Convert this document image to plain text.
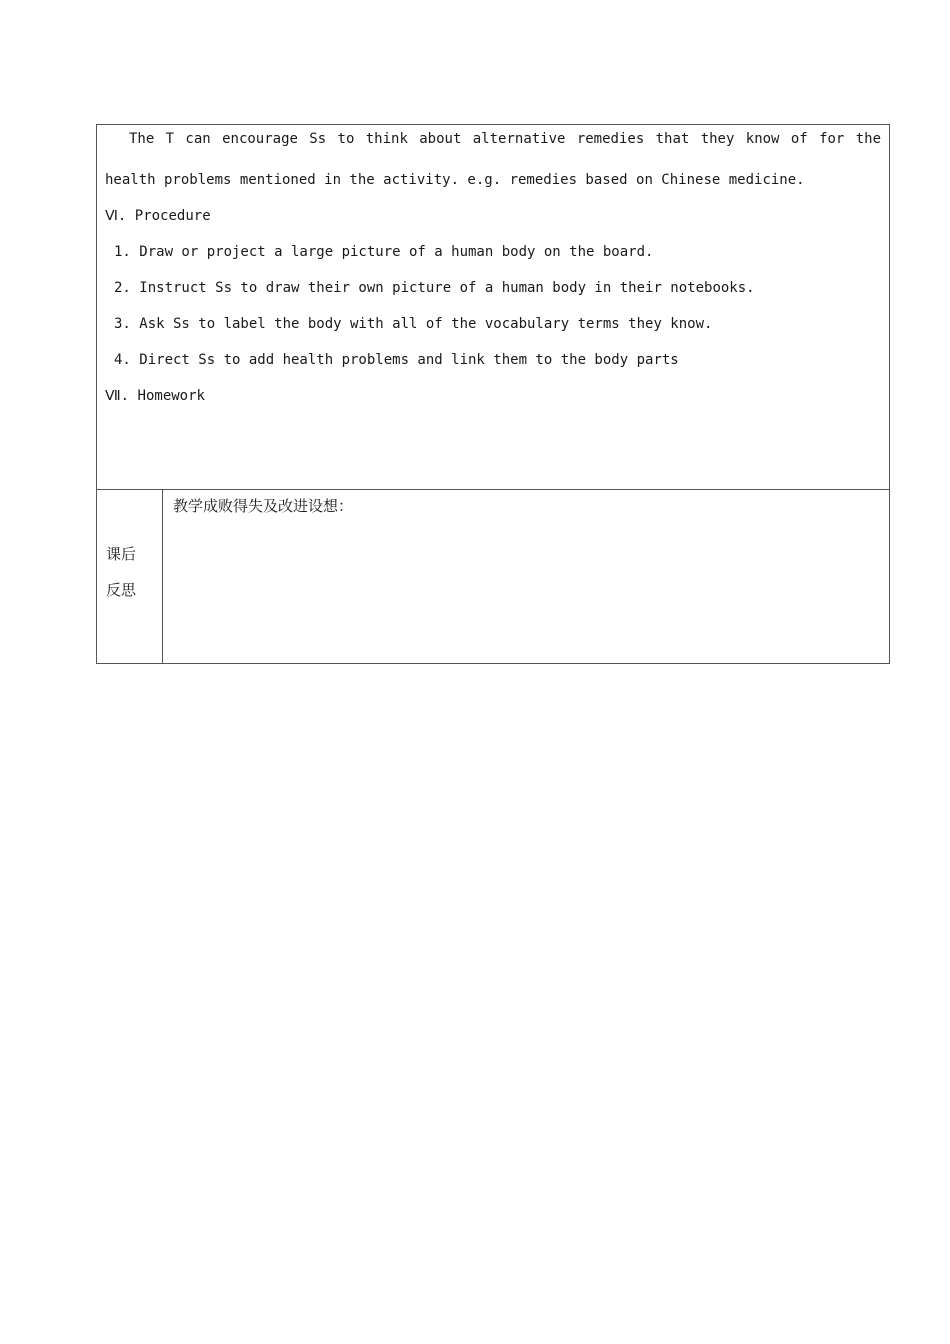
The T can encourage Ss to think about alternative remedies that they know of for the
health problems mentioned in the activity. e.g. remedies based on Chinese medicine.
Ⅵ. Procedure
1. Draw or project a large picture of a human body on the board.
2. Instruct Ss to draw their own picture of a human body in their notebooks.
3. Ask Ss to label the body with all of the vocabulary terms they know.
4. Direct Ss to add health problems and link them to the body parts
Ⅶ. Homework
课后
反思
教学成败得失及改进设想：
